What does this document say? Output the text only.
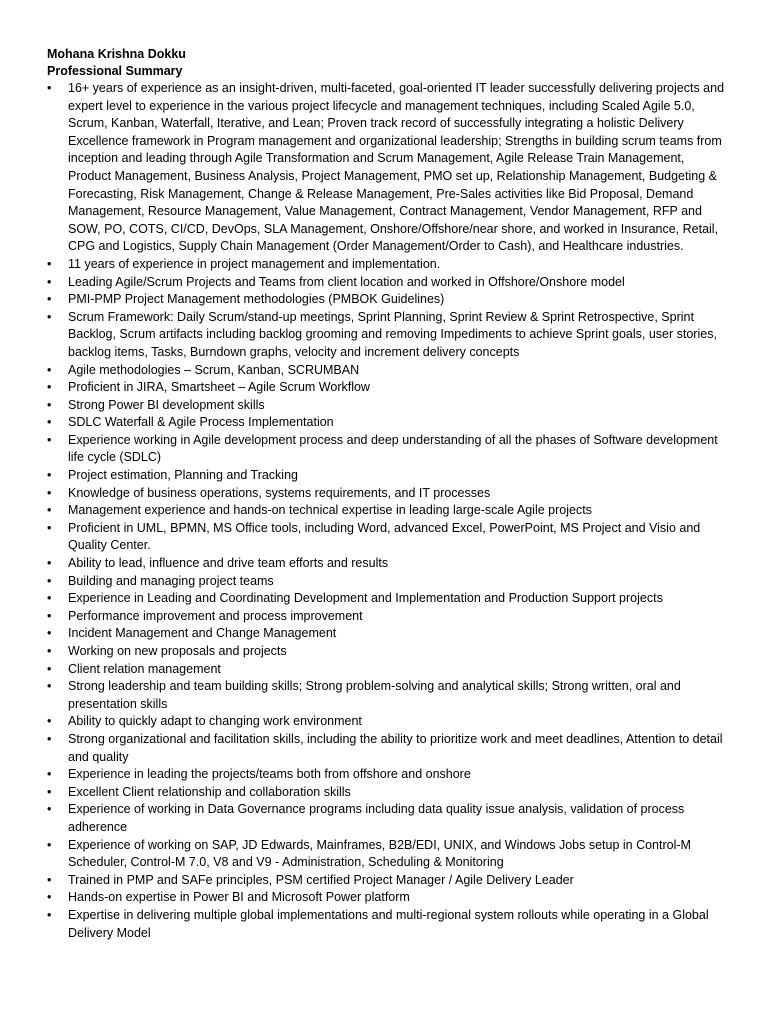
Mohana Krishna Dokku
Professional Summary
•	16+ years of experience as an insight-driven, multi-faceted, goal-oriented IT leader successfully delivering projects and expert level to experience in the various project lifecycle and management techniques, including Scaled Agile 5.0, Scrum, Kanban, Waterfall, Iterative, and Lean; Proven track record of successfully integrating a holistic Delivery Excellence framework in Program management and organizational leadership; Strengths in building scrum teams from inception and leading through Agile Transformation and Scrum Management, Agile Release Train Management, Product Management, Business Analysis, Project Management, PMO set up, Relationship Management, Budgeting & Forecasting, Risk Management, Change & Release Management, Pre-Sales activities like Bid Proposal, Demand Management, Resource Management, Value Management, Contract Management, Vendor Management, RFP and SOW, PO, COTS, CI/CD, DevOps, SLA Management, Onshore/Offshore/near shore, and worked in Insurance, Retail, CPG and Logistics, Supply Chain Management (Order Management/Order to Cash), and Healthcare industries.
•	11 years of experience in project management and implementation.
•	Leading Agile/Scrum Projects and Teams from client location and worked in Offshore/Onshore model
•	PMI-PMP Project Management methodologies (PMBOK Guidelines)
•	Scrum Framework: Daily Scrum/stand-up meetings, Sprint Planning, Sprint Review & Sprint Retrospective, Sprint Backlog, Scrum artifacts including backlog grooming and removing Impediments to achieve Sprint goals, user stories, backlog items, Tasks, Burndown graphs, velocity and increment delivery concepts
•	Agile methodologies – Scrum, Kanban, SCRUMBAN
•	Proficient in JIRA, Smartsheet – Agile Scrum Workflow
•	Strong Power BI development skills
•	SDLC Waterfall & Agile Process Implementation
•	Experience working in Agile development process and deep understanding of all the phases of Software development life cycle (SDLC)
•	Project estimation, Planning and Tracking
•	Knowledge of business operations, systems requirements, and IT processes
•	Management experience and hands-on technical expertise in leading large-scale Agile projects
•	Proficient in UML, BPMN, MS Office tools, including Word, advanced Excel, PowerPoint, MS Project and Visio and Quality Center.
•	Ability to lead, influence and drive team efforts and results
•	Building and managing project teams
•	Experience in Leading and Coordinating Development and Implementation and Production Support projects
•	Performance improvement and process improvement
•	Incident Management and Change Management
•	Working on new proposals and projects
•	Client relation management
•	Strong leadership and team building skills; Strong problem-solving and analytical skills; Strong written, oral and presentation skills
•	Ability to quickly adapt to changing work environment
•	Strong organizational and facilitation skills, including the ability to prioritize work and meet deadlines, Attention to detail and quality
•	Experience in leading the projects/teams both from offshore and onshore
•	Excellent Client relationship and collaboration skills
•	Experience of working in Data Governance programs including data quality issue analysis, validation of process adherence
•	Experience of working on SAP, JD Edwards, Mainframes, B2B/EDI, UNIX, and Windows Jobs setup in Control-M Scheduler, Control-M 7.0, V8 and V9 - Administration, Scheduling & Monitoring
•	Trained in PMP and SAFe principles, PSM certified Project Manager / Agile Delivery Leader
•	Hands-on expertise in Power BI and Microsoft Power platform
•	Expertise in delivering multiple global implementations and multi-regional system rollouts while operating in a Global Delivery Model
